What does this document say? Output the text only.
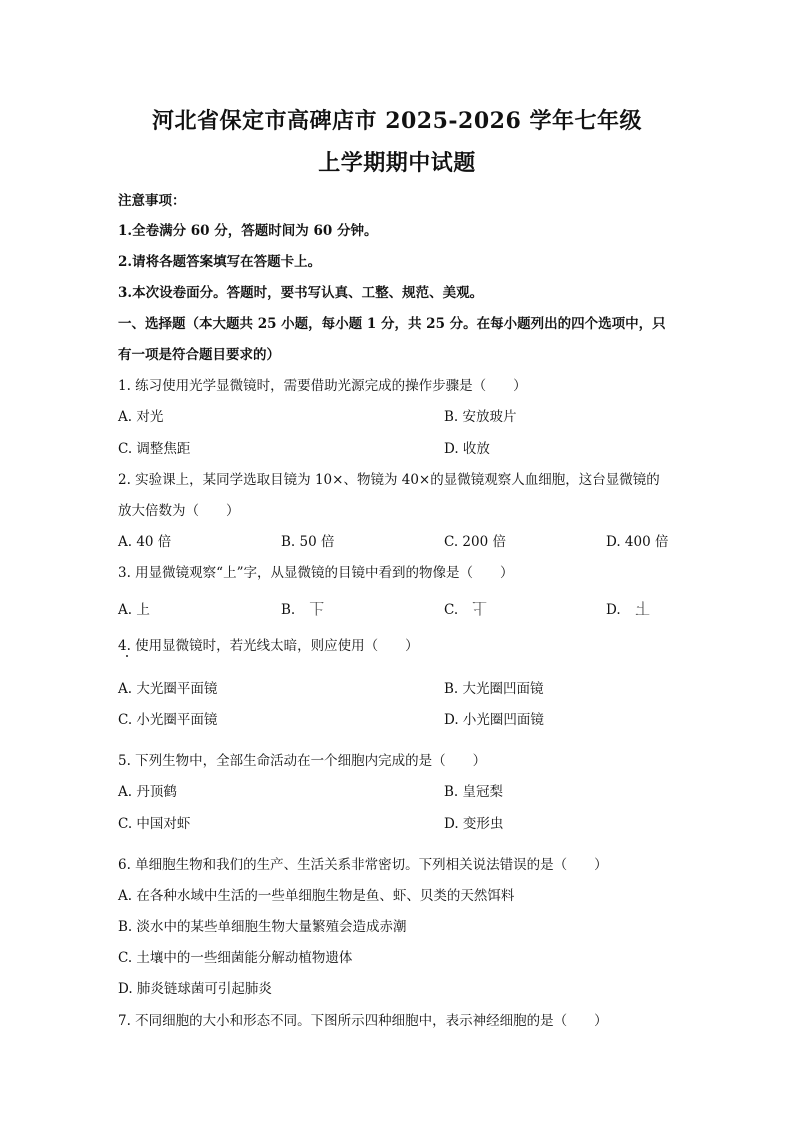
河北省保定市高碑店市 2025-2026 学年七年级
上学期期中试题
注意事项：
1.全卷满分 60 分，答题时间为 60 分钟。
2.请将各题答案填写在答题卡上。
3.本次设卷面分。答题时，要书写认真、工整、规范、美观。
一、选择题（本大题共 25 小题，每小题 1 分，共 25 分。在每小题列出的四个选项中，只
有一项是符合题目要求的）
1. 练习使用光学显微镜时，需要借助光源完成的操作步骤是（　　）
A. 对光	B. 安放玻片
C. 调整焦距	D. 收放
2. 实验课上，某同学选取目镜为 10×、物镜为 40×的显微镜观察人血细胞，这台显微镜的
放大倍数为（　　）
A. 40 倍	B. 50 倍	C. 200 倍	D. 400 倍
3. 用显微镜观察“上”字，从显微镜的目镜中看到的物像是（　　）
A. 上	B. 上	C. 上	D. 上
4. 使用显微镜时，若光线太暗，则应使用（　　）
A. 大光圈平面镜	B. 大光圈凹面镜
C. 小光圈平面镜	D. 小光圈凹面镜
5. 下列生物中，全部生命活动在一个细胞内完成的是（　　）
A. 丹顶鹤	B. 皇冠梨
C. 中国对虾	D. 变形虫
6. 单细胞生物和我们的生产、生活关系非常密切。下列相关说法错误的是（　　）
A. 在各种水域中生活的一些单细胞生物是鱼、虾、贝类的天然饵料
B. 淡水中的某些单细胞生物大量繁殖会造成赤潮
C. 土壤中的一些细菌能分解动植物遗体
D. 肺炎链球菌可引起肺炎
7. 不同细胞的大小和形态不同。下图所示四种细胞中，表示神经细胞的是（　　）
